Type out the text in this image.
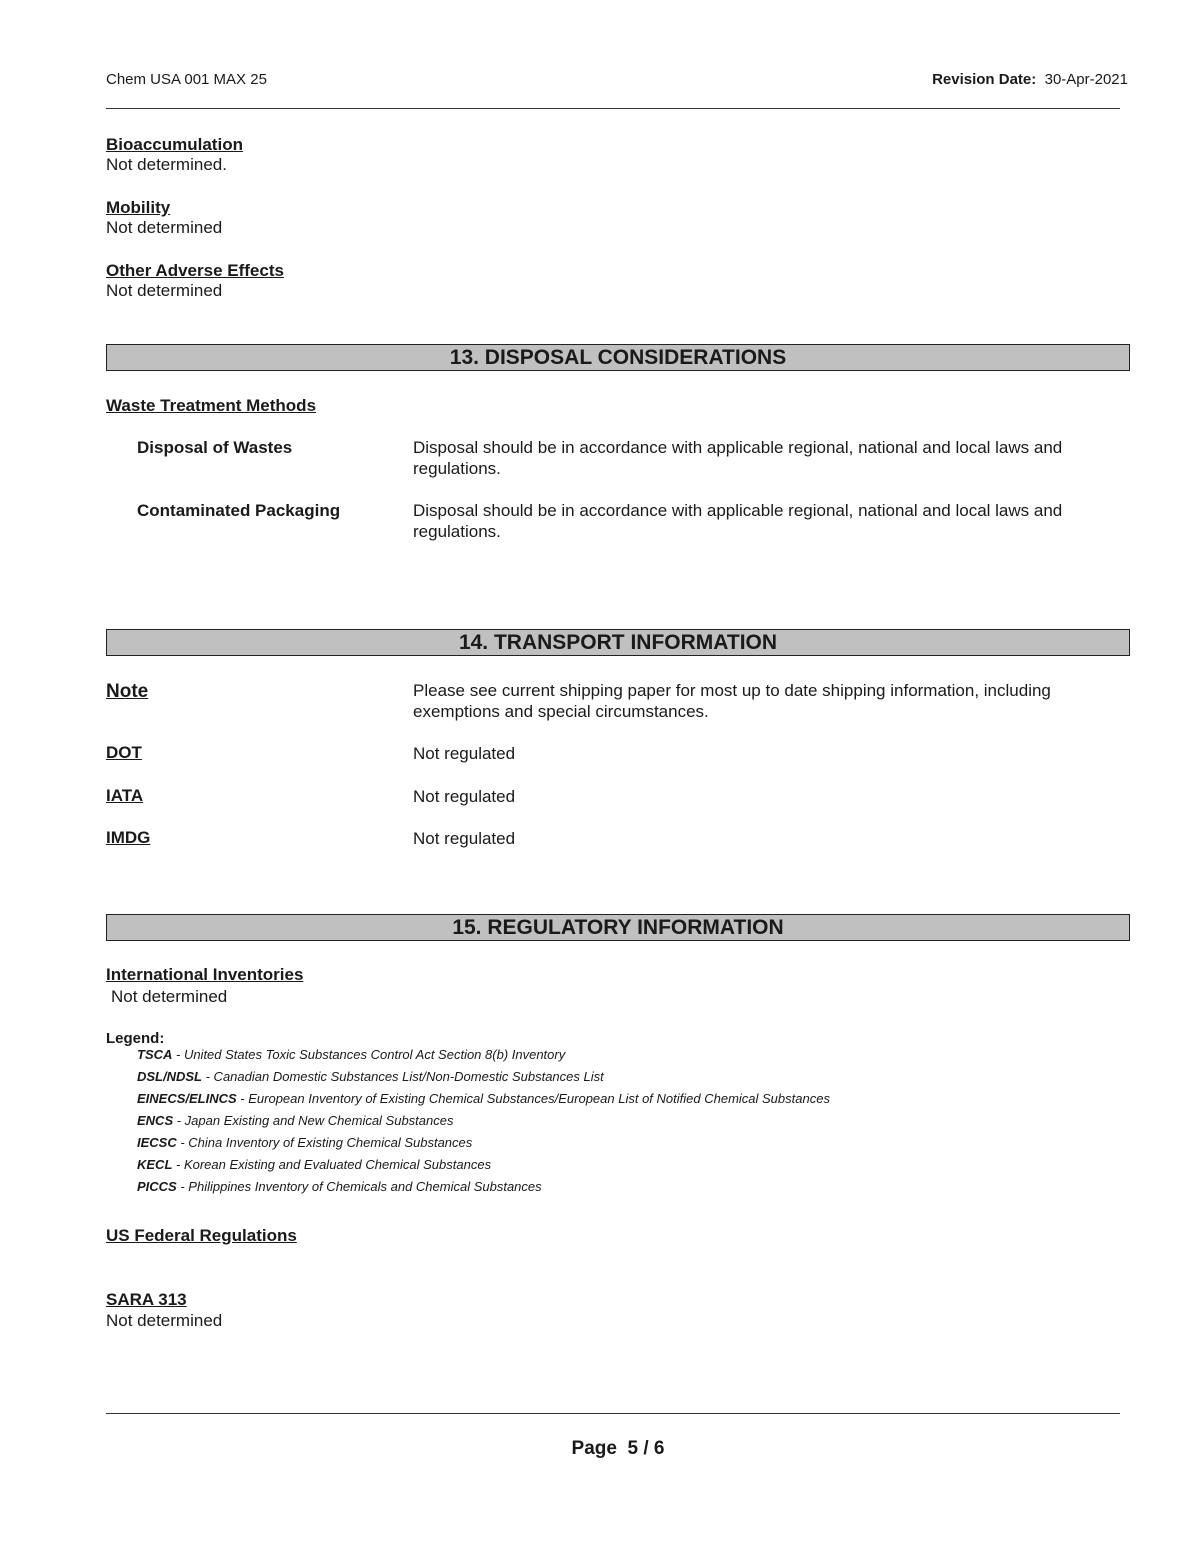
Chem USA 001 MAX 25	Revision Date: 30-Apr-2021
Bioaccumulation
Not determined.
Mobility
Not determined
Other Adverse Effects
Not determined
13. DISPOSAL CONSIDERATIONS
Waste Treatment Methods
Disposal of Wastes	Disposal should be in accordance with applicable regional, national and local laws and regulations.
Contaminated Packaging	Disposal should be in accordance with applicable regional, national and local laws and regulations.
14. TRANSPORT INFORMATION
Note	Please see current shipping paper for most up to date shipping information, including exemptions and special circumstances.
DOT	Not regulated
IATA	Not regulated
IMDG	Not regulated
15. REGULATORY INFORMATION
International Inventories
Not determined
Legend:
TSCA - United States Toxic Substances Control Act Section 8(b) Inventory
DSL/NDSL - Canadian Domestic Substances List/Non-Domestic Substances List
EINECS/ELINCS - European Inventory of Existing Chemical Substances/European List of Notified Chemical Substances
ENCS - Japan Existing and New Chemical Substances
IECSC - China Inventory of Existing Chemical Substances
KECL - Korean Existing and Evaluated Chemical Substances
PICCS - Philippines Inventory of Chemicals and Chemical Substances
US Federal Regulations
SARA 313
Not determined
Page  5 / 6
